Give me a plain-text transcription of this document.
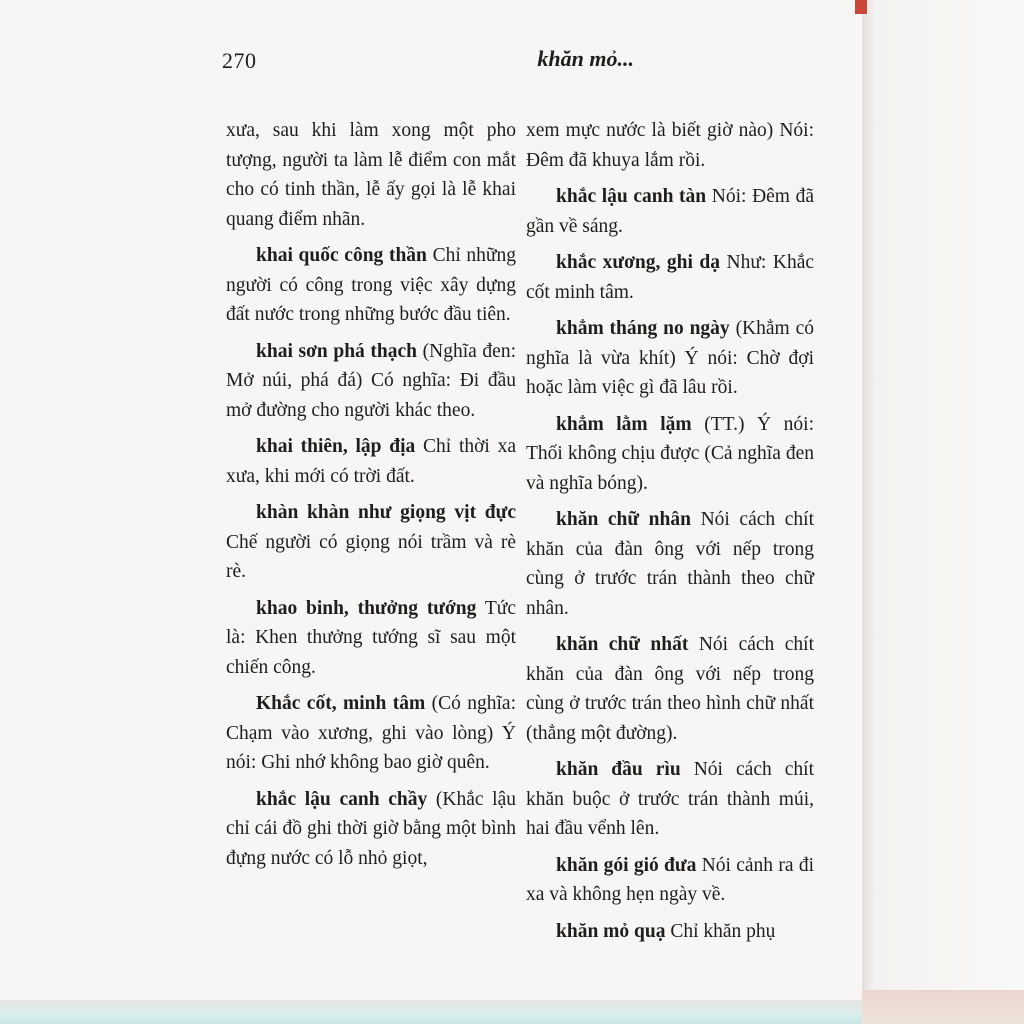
270	khăn mỏ...

xưa, sau khi làm xong một pho tượng, người ta làm lễ điểm con mắt cho có tinh thần, lễ ấy gọi là lễ khai quang điểm nhãn.

khai quốc công thần Chỉ những người có công trong việc xây dựng đất nước trong những bước đầu tiên.

khai sơn phá thạch (Nghĩa đen: Mở núi, phá đá) Có nghĩa: Đi đầu mở đường cho người khác theo.

khai thiên, lập địa Chỉ thời xa xưa, khi mới có trời đất.

khàn khàn như giọng vịt đực Chế người có giọng nói trầm và rè rè.

khao binh, thưởng tướng Tức là: Khen thưởng tướng sĩ sau một chiến công.

Khắc cốt, minh tâm (Có nghĩa: Chạm vào xương, ghi vào lòng) Ý nói: Ghi nhớ không bao giờ quên.

khắc lậu canh chầy (Khắc lậu chỉ cái đồ ghi thời giờ bằng một bình đựng nước có lỗ nhỏ giọt,

xem mực nước là biết giờ nào) Nói: Đêm đã khuya lắm rồi.

khắc lậu canh tàn Nói: Đêm đã gần về sáng.

khắc xương, ghi dạ Như: Khắc cốt minh tâm.

khẳm tháng no ngày (Khẳm có nghĩa là vừa khít) Ý nói: Chờ đợi hoặc làm việc gì đã lâu rồi.

khẳm lằm lặm (TT.) Ý nói: Thối không chịu được (Cả nghĩa đen và nghĩa bóng).

khăn chữ nhân Nói cách chít khăn của đàn ông với nếp trong cùng ở trước trán thành theo chữ nhân.

khăn chữ nhất Nói cách chít khăn của đàn ông với nếp trong cùng ở trước trán theo hình chữ nhất (thẳng một đường).

khăn đầu rìu Nói cách chít khăn buộc ở trước trán thành múi, hai đầu vểnh lên.

khăn gói gió đưa Nói cảnh ra đi xa và không hẹn ngày về.

khăn mỏ quạ Chỉ khăn phụ
